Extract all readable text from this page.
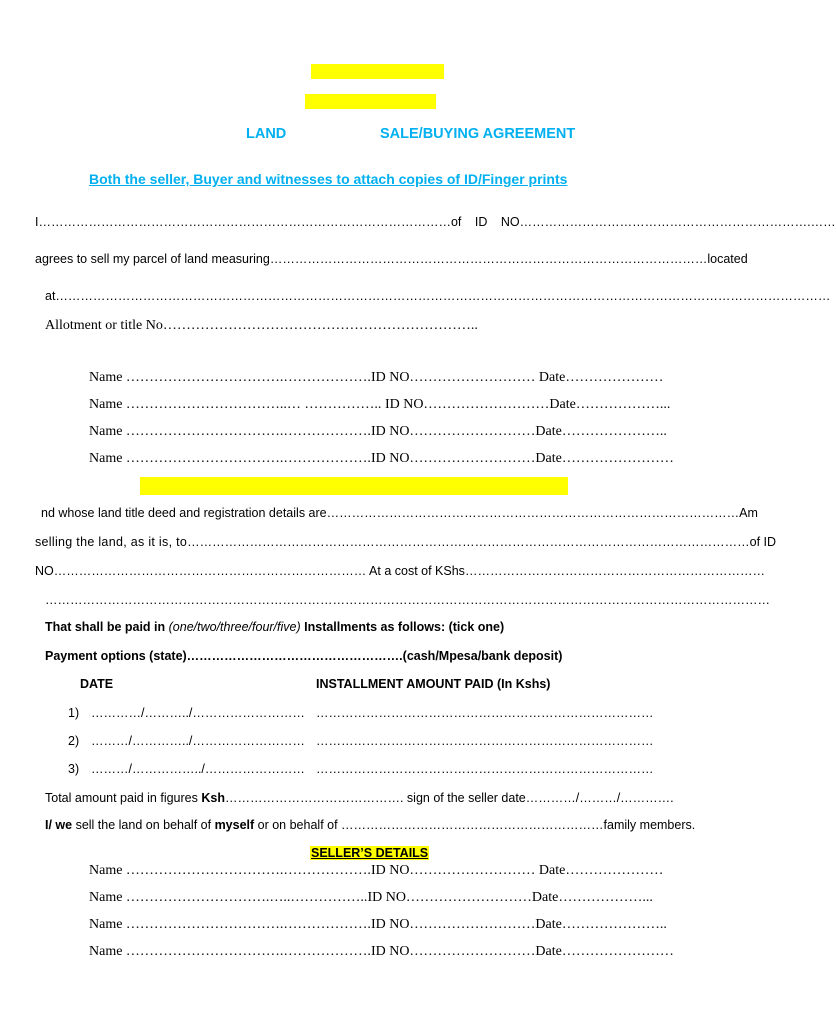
LAND	SALE/BUYING AGREEMENT
Both the seller, Buyer and witnesses to attach copies of ID/Finger prints
I……………………………………………………………………………………… of ID NO …………………………………………………………….……
agrees to sell my parcel of land measuring……………………………………………………………………………………………located
at……………………………………………………………………………………………………………………………………………………………………
Allotment or title No…………………………………………………………..
Name …………………………….……………….ID NO……………………… Date…………………
Name ……………………………..… …………….. ID NO………………………Date………………...
Name …………………………….……………….ID NO………………………Date…………………..
Name …………………………….……………….ID NO………………………Date……………………
nd whose land title deed and registration details are ……………………………………………………………………………………… Am
selling the land, as it is, to ……………………………………………………………………………………………………………………… of ID
NO………………………………………………………………… At a cost of KShs………………………………………………………………
…………………………………………………………………………………………………………………………………………………………
That shall be paid in (one/two/three/four/five) Installments as follows: (tick one)
Payment options (state)…………………………………………….(cash/Mpesa/bank deposit)
DATE	INSTALLMENT AMOUNT PAID (In Kshs)
1) …………/………../……………………… ………………………………………………………………………
2) ………/…………../……………………… ………………………………………………………………………
3) ………/……………../…………………… ………………………………………………………………………
Total amount paid in figures Ksh……………………………………. sign of the seller date…………/………/………….
I/ we sell the land on behalf of myself or on behalf of ………………………………………………………family members.
SELLER’S DETAILS
Name …………………………….……………….ID NO……………………… Date…………………
Name ………………………….…..……………..ID NO………………………Date………………...
Name …………………………….……………….ID NO………………………Date…………………..
Name …………………………….……………….ID NO………………………Date……………………
